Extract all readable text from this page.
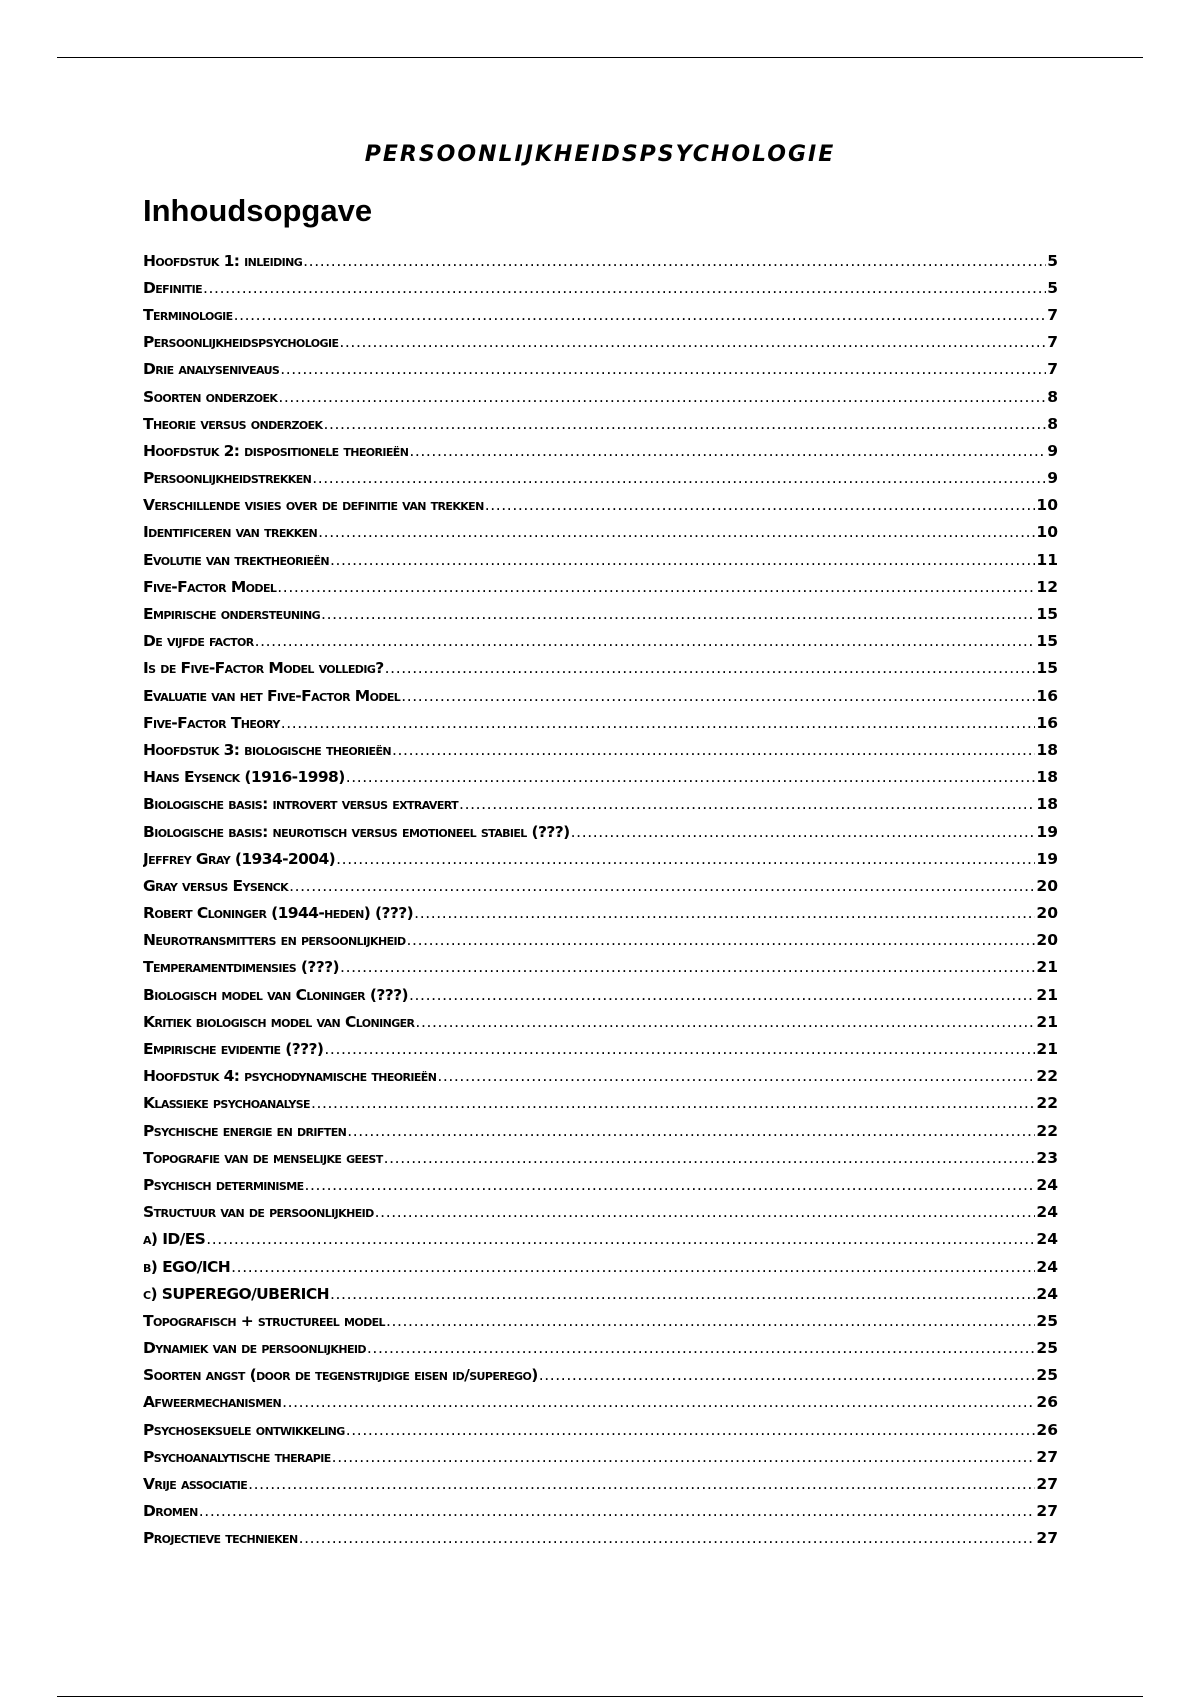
PERSOONLIJKHEIDSPSYCHOLOGIE
Inhoudsopgave
Hoofdstuk 1: inleiding .....	5
Definitie .....	5
Terminologie .....	7
Persoonlijkheidspsychologie .....	7
Drie analyseniveaus .....	7
Soorten onderzoek .....	8
Theorie versus onderzoek .....	8
Hoofdstuk 2: dispositionele theorieën .....	9
Persoonlijkheidstrekken .....	9
Verschillende visies over de definitie van trekken .....	10
Identificeren van trekken .....	10
Evolutie van trektheorieën .....	11
Five-Factor Model .....	12
Empirische ondersteuning .....	15
De vijfde factor .....	15
Is de Five-Factor Model volledig? .....	15
Evaluatie van het Five-Factor Model .....	16
Five-Factor Theory .....	16
Hoofdstuk 3: biologische theorieën .....	18
Hans Eysenck (1916-1998) .....	18
Biologische basis: introvert versus extravert .....	18
Biologische basis: neurotisch versus emotioneel stabiel (???) .....	19
Jeffrey Gray (1934-2004) .....	19
Gray versus Eysenck .....	20
Robert Cloninger (1944-heden) (???) .....	20
Neurotransmitters en persoonlijkheid .....	20
Temperamentdimensies (???) .....	21
Biologisch model van Cloninger (???) .....	21
Kritiek biologisch model van Cloninger .....	21
Empirische evidentie (???) .....	21
Hoofdstuk 4: psychodynamische theorieën .....	22
Klassieke psychoanalyse .....	22
Psychische energie en driften .....	22
Topografie van de menselijke geest .....	23
Psychisch determinisme .....	24
Structuur van de persoonlijkheid .....	24
a) ID/ES .....	24
b) EGO/ICH .....	24
c) SUPEREGO/UBERICH .....	24
Topografisch + structureel model .....	25
Dynamiek van de persoonlijkheid .....	25
Soorten angst (door de tegenstrijdige eisen id/superego) .....	25
Afweermechanismen .....	26
Psychoseksuele ontwikkeling .....	26
Psychoanalytische therapie .....	27
Vrije associatie .....	27
Dromen .....	27
Projectieve technieken .....	27
